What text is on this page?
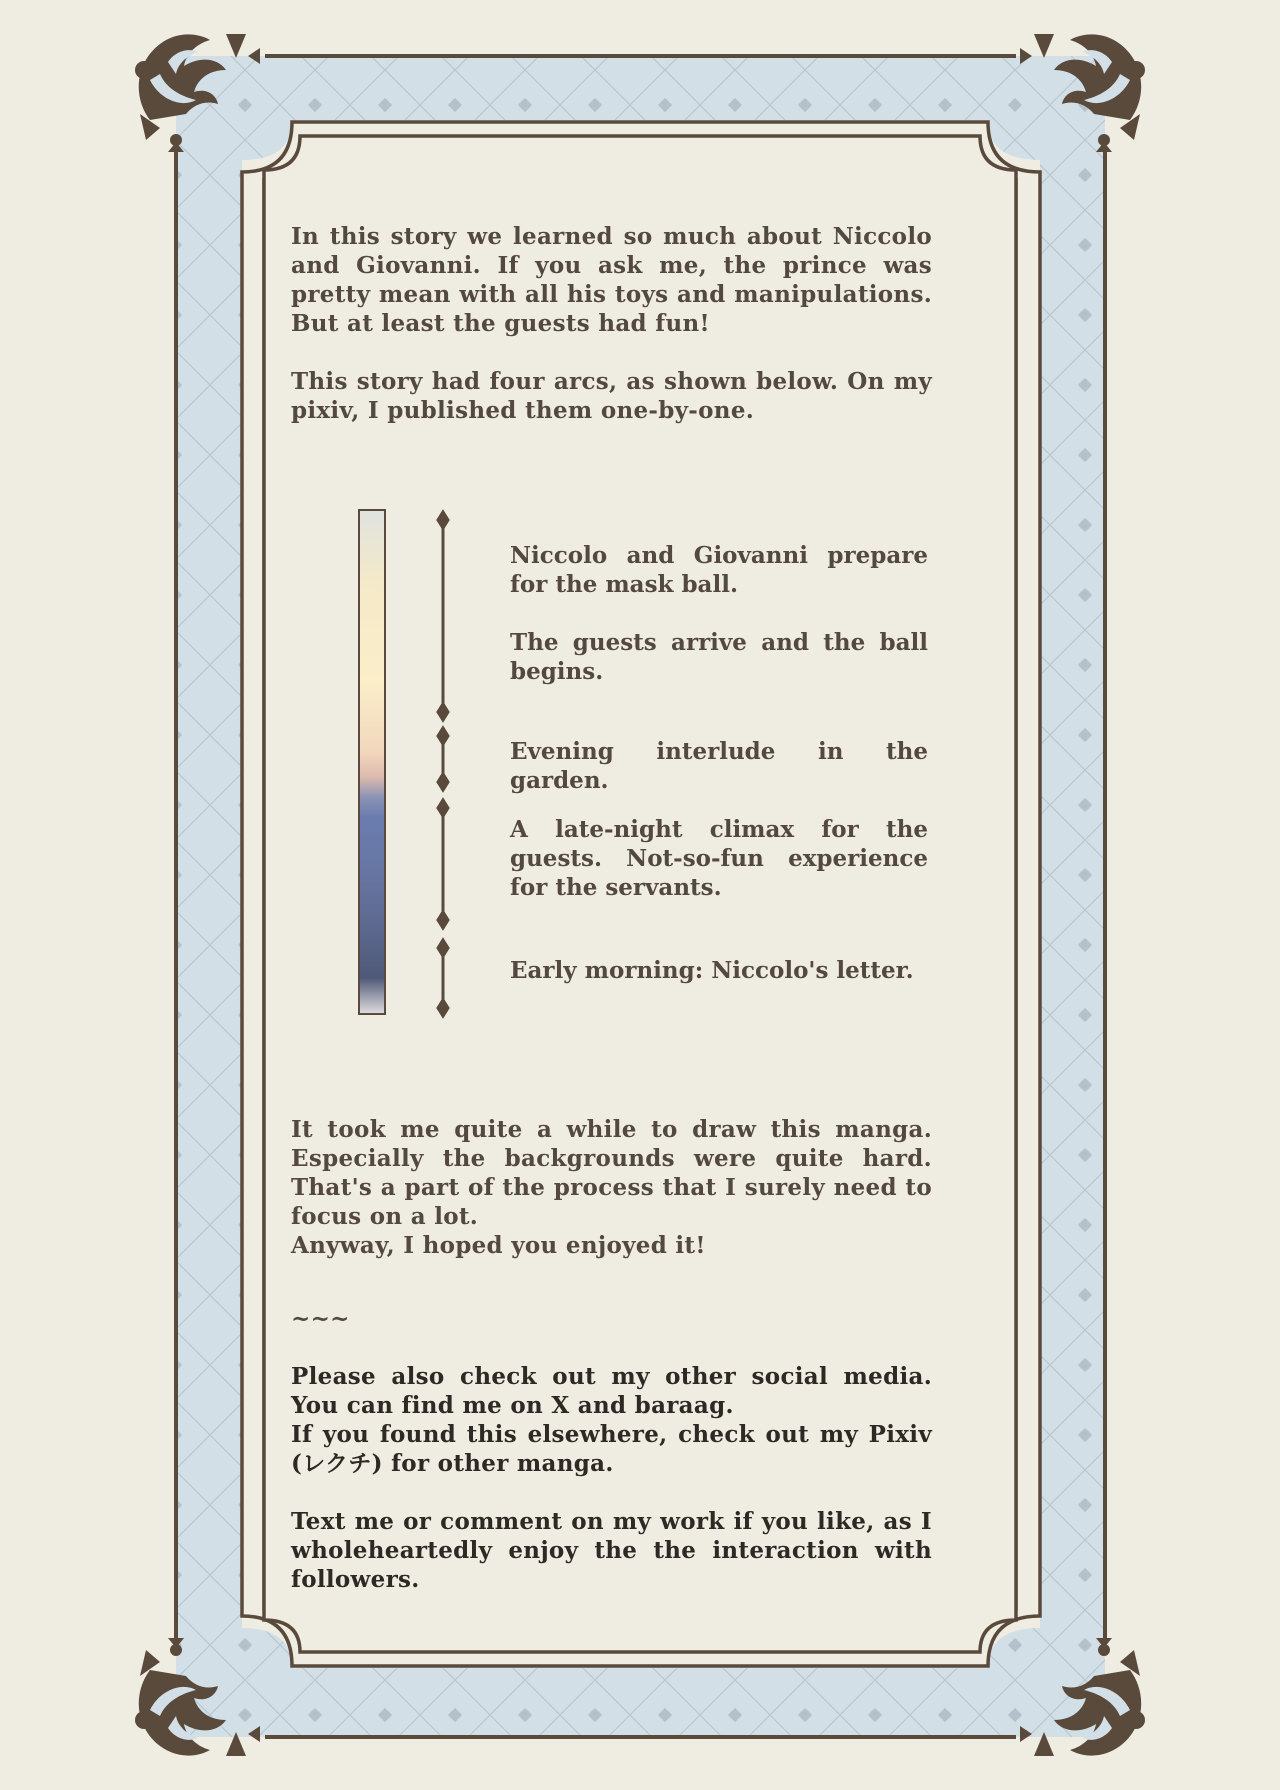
In this story we learned so much about Niccolo and Giovanni. If you ask me, the prince was pretty mean with all his toys and manipulations. But at least the guests had fun!

This story had four arcs, as shown below. On my pixiv, I published them one-by-one.

Niccolo and Giovanni prepare for the mask ball.
The guests arrive and the ball begins.
Evening interlude in the garden.
A late-night climax for the guests. Not-so-fun experience for the servants.
Early morning: Niccolo's letter.

It took me quite a while to draw this manga. Especially the backgrounds were quite hard. That's a part of the process that I surely need to focus on a lot.

Anyway, I hoped you enjoyed it!

~~~

Please also check out my other social media. You can find me on X and baraag.

If you found this elsewhere, check out my Pixiv (レクチ) for other manga.

Text me or comment on my work if you like, as I wholeheartedly enjoy the the interaction with followers.
